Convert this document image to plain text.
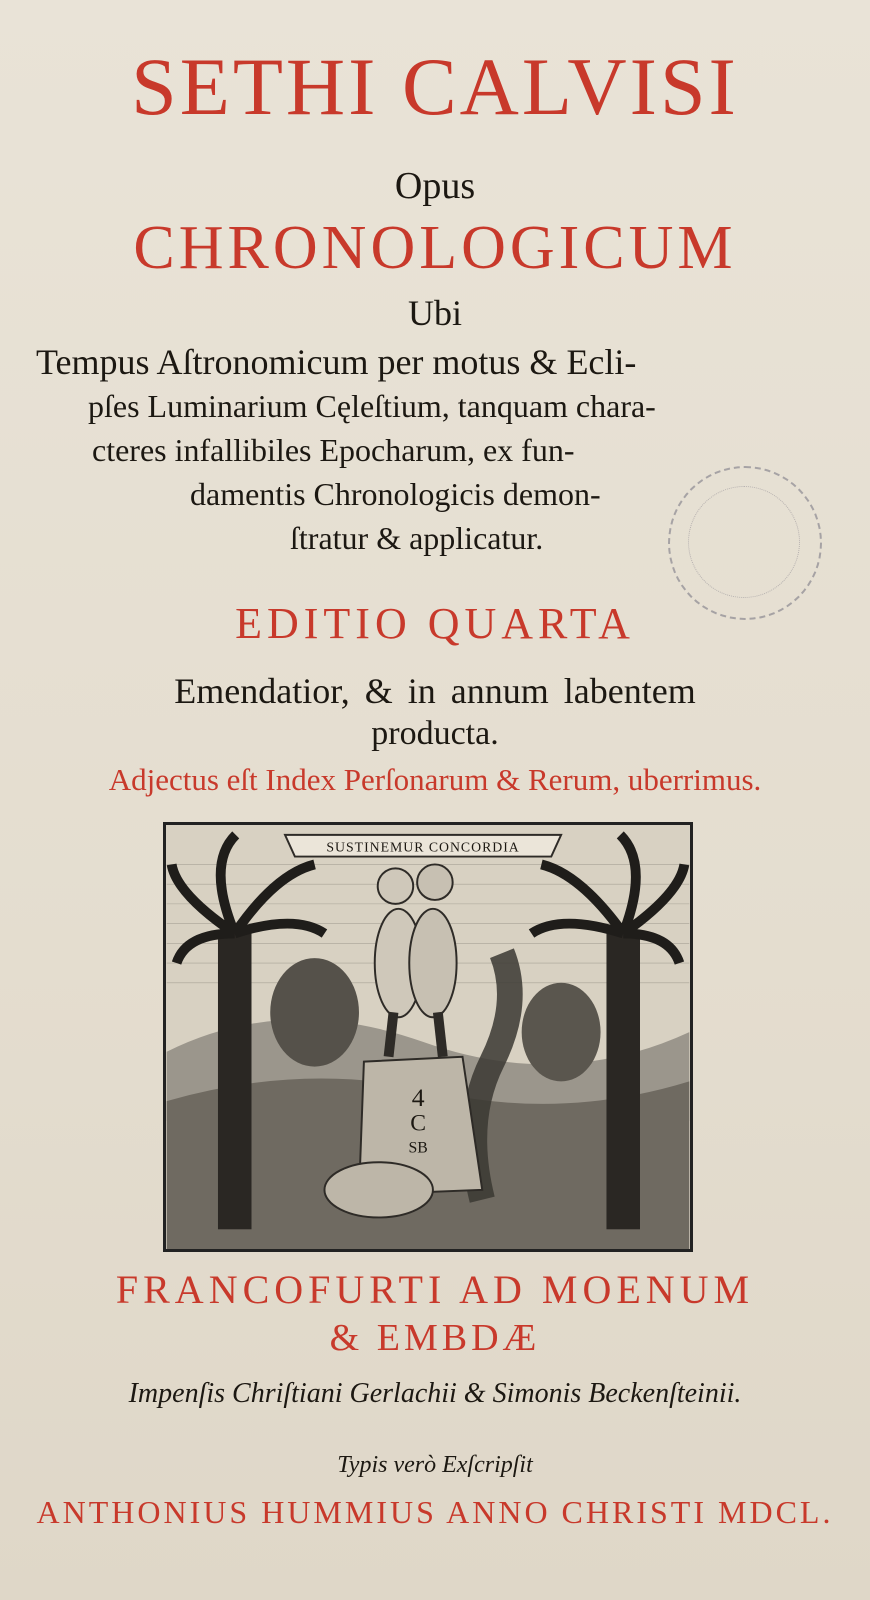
SETHI CALVISI
Opus
CHRONOLOGICUM
Ubi
Tempus Aſtronomicum per motus & Ecli-
pſes Luminarium Cęleſtium, tanquam chara-
cteres infallibiles Epocharum, ex fun-
damentis Chronologicis demon-
ſtratur & applicatur.
EDITIO QUARTA
Emendatior, & in annum labentem
producta.
Adjectus eſt Index Perſonarum & Rerum, uberrimus.
SUSTINEMUR CONCORDIA
4
C
SB
FRANCOFURTI AD MOENUM
& EMBDÆ
Impenſis Chriſtiani Gerlachii & Simonis Beckenſteinii.
Typis verò Exſcripſit
ANTHONIUS HUMMIUS ANNO CHRISTI MDCL.
